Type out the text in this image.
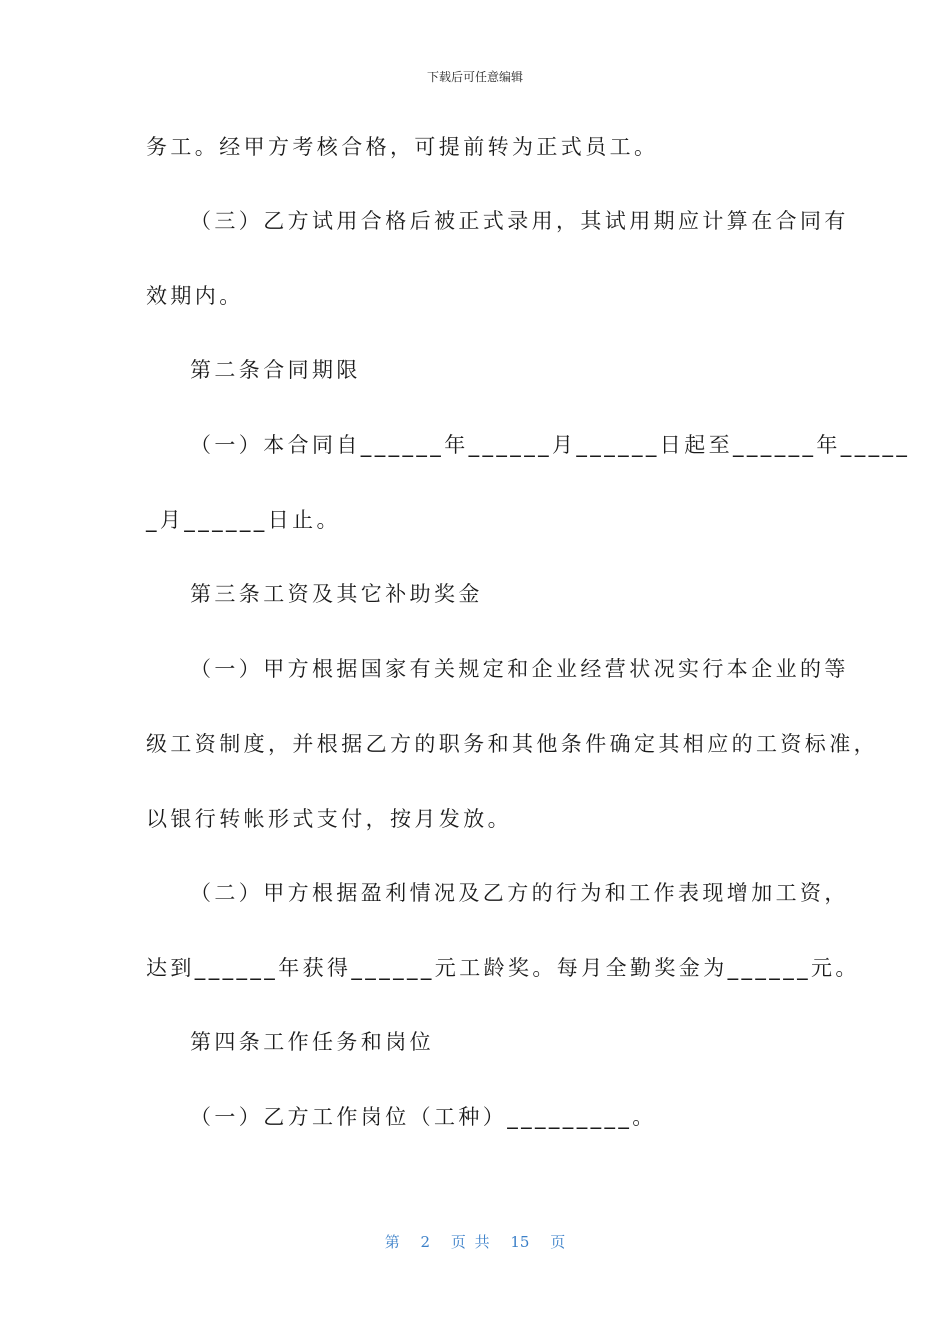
下载后可任意编辑
务工。经甲方考核合格，可提前转为正式员工。
（三）乙方试用合格后被正式录用，其试用期应计算在合同有
效期内。
第二条合同期限
（一）本合同自______年______月______日起至______年_____
_月______日止。
第三条工资及其它补助奖金
（一）甲方根据国家有关规定和企业经营状况实行本企业的等
级工资制度，并根据乙方的职务和其他条件确定其相应的工资标准，
以银行转帐形式支付，按月发放。
（二）甲方根据盈利情况及乙方的行为和工作表现增加工资，
达到______年获得______元工龄奖。每月全勤奖金为______元。
第四条工作任务和岗位
（一）乙方工作岗位（工种）_________。
第 2 页 共 15 页
